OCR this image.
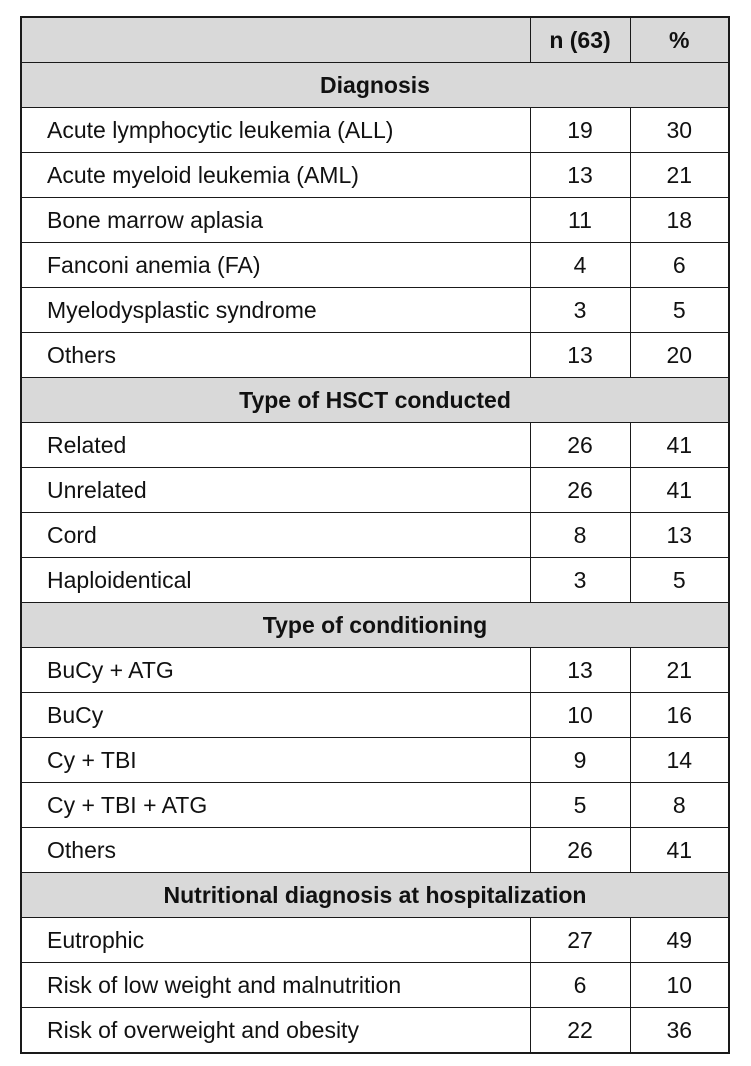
	n (63)	%
Diagnosis		
Acute lymphocytic leukemia (ALL)	19	30
Acute myeloid leukemia (AML)	13	21
Bone marrow aplasia	11	18
Fanconi anemia (FA)	4	6
Myelodysplastic syndrome	3	5
Others	13	20
Type of HSCT conducted		
Related	26	41
Unrelated	26	41
Cord	8	13
Haploidentical	3	5
Type of conditioning		
BuCy + ATG	13	21
BuCy	10	16
Cy + TBI	9	14
Cy + TBI + ATG	5	8
Others	26	41
Nutritional diagnosis at hospitalization		
Eutrophic	27	49
Risk of low weight and malnutrition	6	10
Risk of overweight and obesity	22	36
